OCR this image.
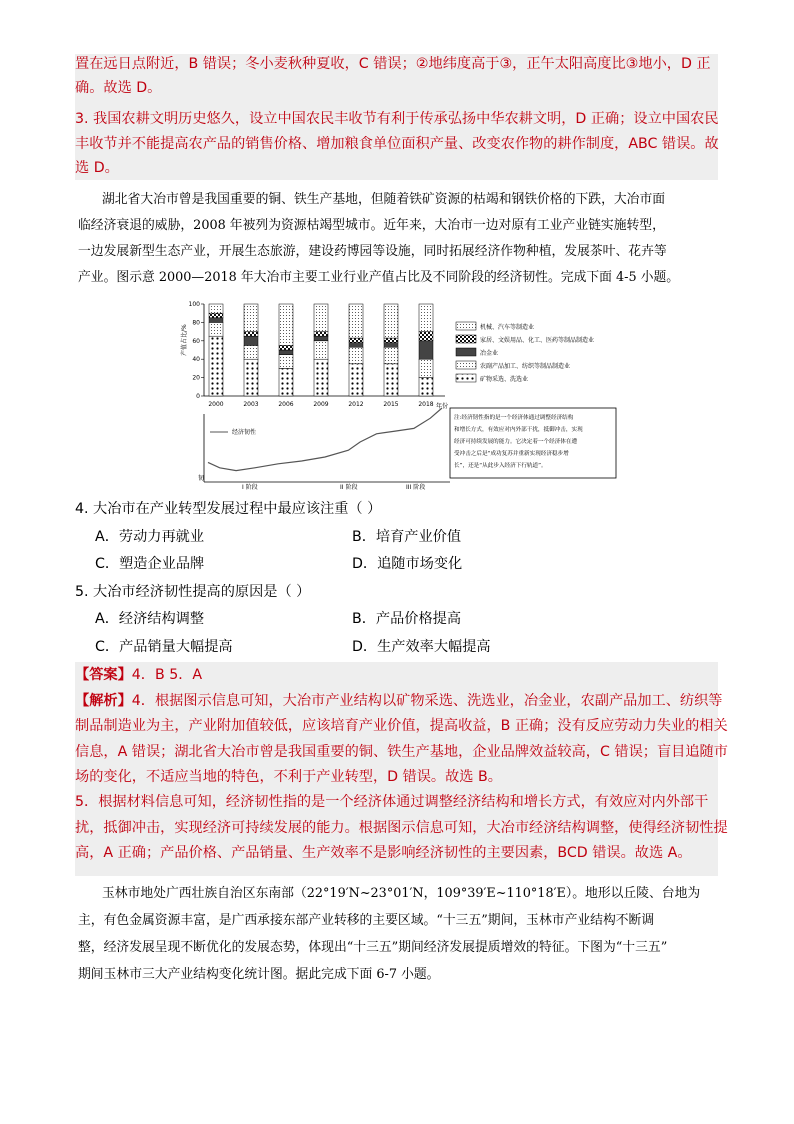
置在远日点附近，B 错误；冬小麦秋种夏收，C 错误；②地纬度高于③，正午太阳高度比③地小，D 正
确。故选 D。
3. 我国农耕文明历史悠久，设立中国农民丰收节有利于传承弘扬中华农耕文明，D 正确；设立中国农民
丰收节并不能提高农产品的销售价格、增加粮食单位面积产量、改变农作物的耕作制度，ABC 错误。故
选 D。
湖北省大冶市曾是我国重要的铜、铁生产基地，但随着铁矿资源的枯竭和钢铁价格的下跌，大冶市面
临经济衰退的威胁，2008 年被列为资源枯竭型城市。近年来，大冶市一边对原有工业产业链实施转型，
一边发展新型生态产业，开展生态旅游，建设药博园等设施，同时拓展经济作物种植，发展茶叶、花卉等
产业。图示意 2000—2018 年大冶市主要工业行业产值占比及不同阶段的经济韧性。完成下面 4-5 小题。
100
80
60
40
20
0
2000	2003	2006	2009	2012	2015	2018
产值占比/%
年份
机械、汽车等制造业
家居、文娱用品、化工、医药等制品制造业
冶金业
农副产品加工、纺织等制品制造业
矿物采选、洗选业
韧
经济韧性
I 阶段	II 阶段	III 阶段
注:经济韧性指的是一个经济体通过调整经济结构
和增长方式，有效应对内外部干扰，抵御冲击，实现
经济可持续发展的能力。它决定着一个经济体在遭
受冲击之后是“成功复苏并重新实现经济稳步增
长”，还是“从此步入经济下行轨道”。
4. 大冶市在产业转型发展过程中最应该注重（ ）
A．劳动力再就业	B．培育产业价值
C．塑造企业品牌	D．追随市场变化
5. 大冶市经济韧性提高的原因是（ ）
A．经济结构调整	B．产品价格提高
C．产品销量大幅提高	D．生产效率大幅提高
【答案】4．B 5．A
【解析】4．根据图示信息可知，大冶市产业结构以矿物采选、洗选业，冶金业，农副产品加工、纺织等
制品制造业为主，产业附加值较低，应该培育产业价值，提高收益，B 正确；没有反应劳动力失业的相关
信息，A 错误；湖北省大冶市曾是我国重要的铜、铁生产基地，企业品牌效益较高，C 错误；盲目追随市
场的变化，不适应当地的特色，不利于产业转型，D 错误。故选 B。
5．根据材料信息可知，经济韧性指的是一个经济体通过调整经济结构和增长方式，有效应对内外部干
扰，抵御冲击，实现经济可持续发展的能力。根据图示信息可知，大冶市经济结构调整，使得经济韧性提
高，A 正确；产品价格、产品销量、生产效率不是影响经济韧性的主要因素，BCD 错误。故选 A。
玉林市地处广西壮族自治区东南部（22°19′N~23°01′N，109°39′E~110°18′E）。地形以丘陵、台地为
主，有色金属资源丰富，是广西承接东部产业转移的主要区域。“十三五”期间，玉林市产业结构不断调
整，经济发展呈现不断优化的发展态势，体现出“十三五”期间经济发展提质增效的特征。下图为“十三五”
期间玉林市三大产业结构变化统计图。据此完成下面 6-7 小题。
